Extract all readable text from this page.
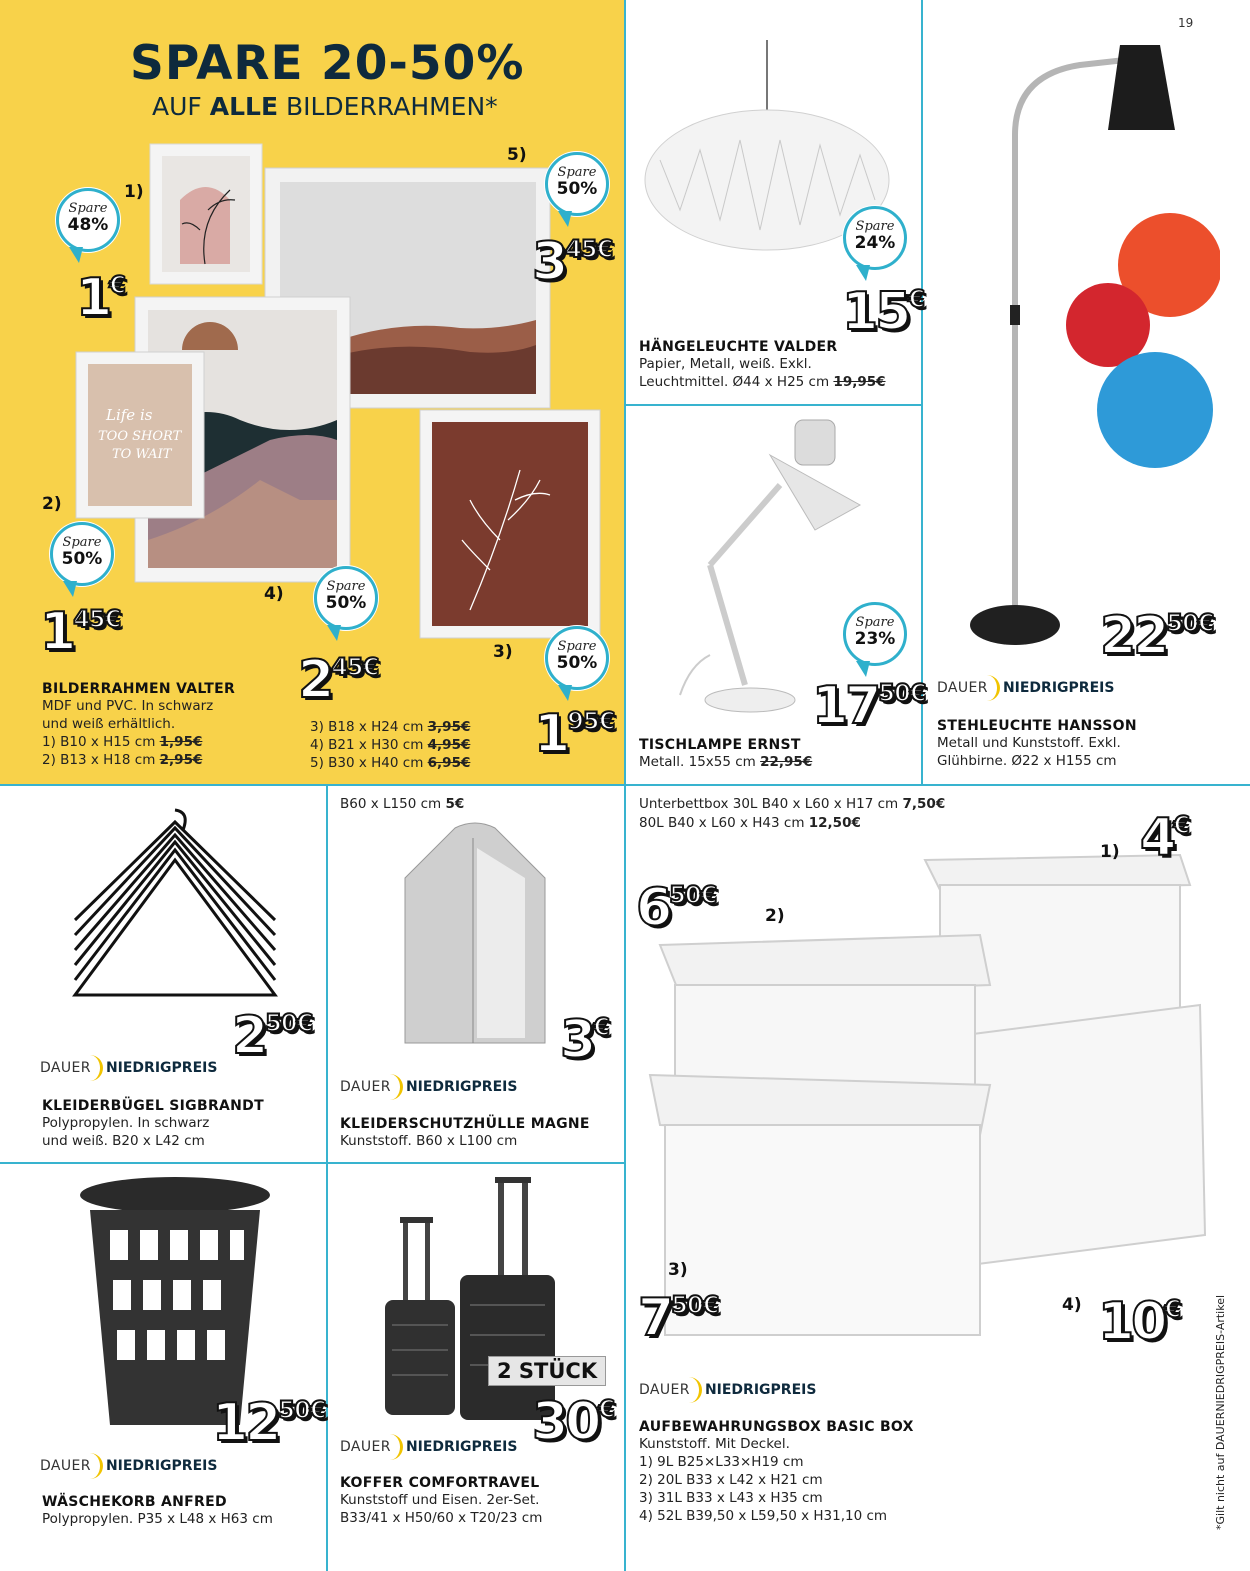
19
SPARE 20-50%
AUF ALLE BILDERRAHMEN*
Life is
TOO SHORT
TO WAIT
1)
2)
3)
4)
5)
Spare
48%
Spare
50%
Spare
50%
Spare
50%
Spare
50%
1€
145€
195€
245€
345€
BILDERRAHMEN VALTER
MDF und PVC. In schwarz
und weiß erhältlich.
1) B10 x H15 cm 1,95€
2) B13 x H18 cm 2,95€
3) B18 x H24 cm 3,95€
4) B21 x H30 cm 4,95€
5) B30 x H40 cm 6,95€
Spare
24%
15€
HÄNGELEUCHTE VALDER
Papier, Metall, weiß. Exkl.
Leuchtmittel. Ø44 x H25 cm 19,95€
Spare
23%
1750€
TISCHLAMPE ERNST
Metall. 15x55 cm 22,95€
2250€
DAUER NIEDRIGPREIS
STEHLEUCHTE HANSSON
Metall und Kunststoff. Exkl.
Glühbirne. Ø22 x H155 cm
250€
DAUER NIEDRIGPREIS
KLEIDERBÜGEL SIGBRANDT
Polypropylen. In schwarz
und weiß. B20 x L42 cm
B60 x L150 cm 5€
3€
DAUER NIEDRIGPREIS
KLEIDERSCHUTZHÜLLE MAGNE
Kunststoff. B60 x L100 cm
1250€
DAUER NIEDRIGPREIS
WÄSCHEKORB ANFRED
Polypropylen. P35 x L48 x H63 cm
2 STÜCK
30€
DAUER NIEDRIGPREIS
KOFFER COMFORTRAVEL
Kunststoff und Eisen. 2er-Set.
B33/41 x H50/60 x T20/23 cm
Unterbettbox 30L B40 x L60 x H17 cm 7,50€
80L B40 x L60 x H43 cm 12,50€
1)
2)
3)
4)
4€
650€
750€	10€
DAUER NIEDRIGPREIS
AUFBEWAHRUNGSBOX BASIC BOX
Kunststoff. Mit Deckel.
1) 9L B25×L33×H19 cm
2) 20L B33 x L42 x H21 cm
3) 31L B33 x L43 x H35 cm
4) 52L B39,50 x L59,50 x H31,10 cm	*Gilt nicht auf DAUERNIEDRIGPREIS-Artikel
